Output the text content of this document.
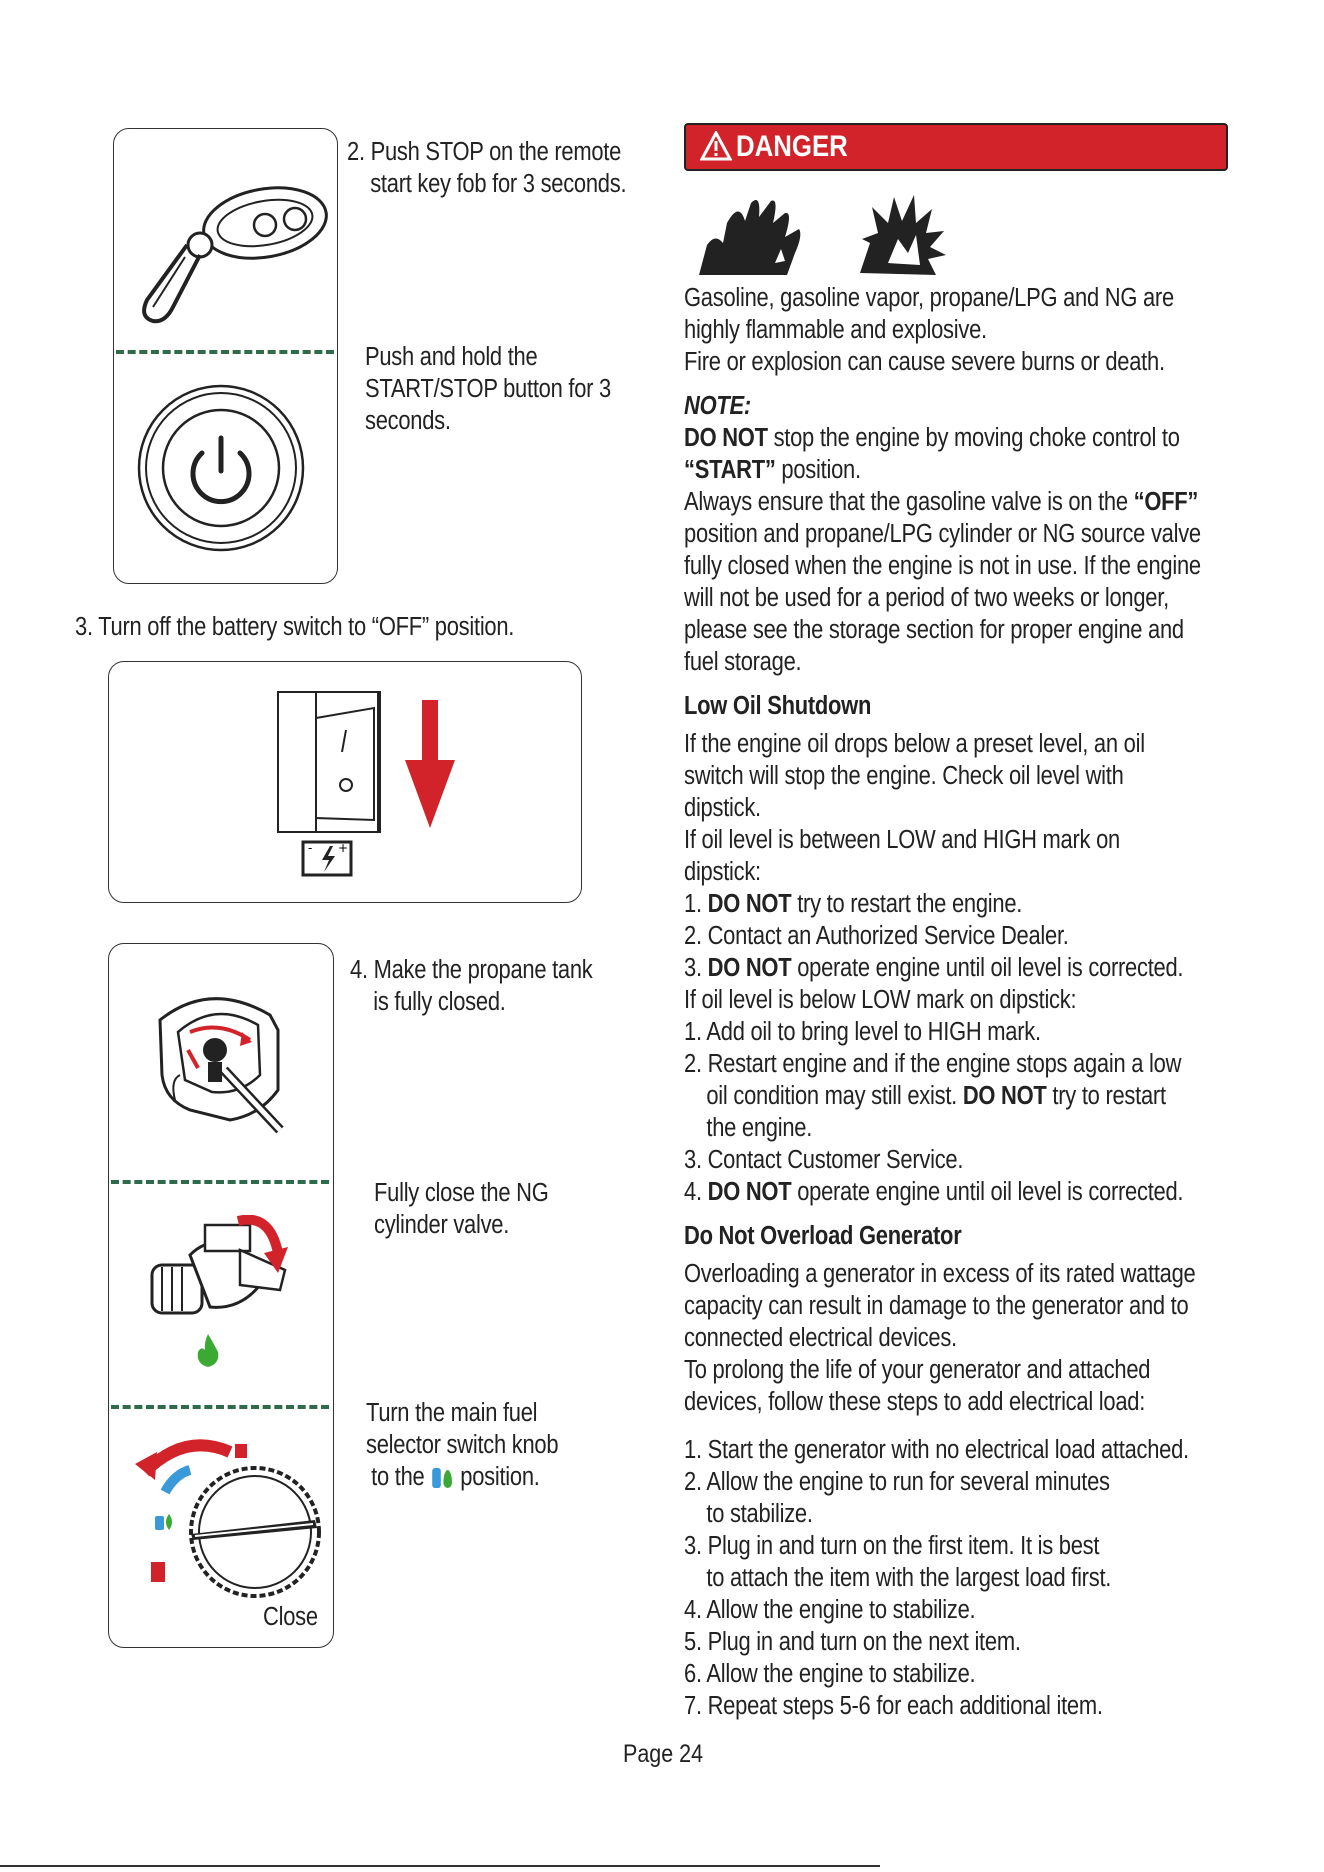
2. Push STOP on the remote
start key fob for 3 seconds.
Push and hold the
START/STOP button for 3
seconds.
3. Turn off the battery switch to “OFF” position.
- +
4. Make the propane tank
is fully closed.
Fully close the NG
cylinder valve.
Turn the main fuel
selector switch knob
to the position.
Close
DANGER

Gasoline, gasoline vapor, propane/LPG and NG are

highly flammable and explosive.

Fire or explosion can cause severe burns or death.

NOTE:

DO NOT stop the engine by moving choke control to

“START” position.

Always ensure that the gasoline valve is on the “OFF”

position and propane/LPG cylinder or NG source valve

fully closed when the engine is not in use. If the engine

will not be used for a period of two weeks or longer,

please see the storage section for proper engine and

fuel storage.

Low Oil Shutdown

If the engine oil drops below a preset level, an oil

switch will stop the engine. Check oil level with

dipstick.

If oil level is between LOW and HIGH mark on

dipstick:

1. DO NOT try to restart the engine.

2. Contact an Authorized Service Dealer.

3. DO NOT operate engine until oil level is corrected.

If oil level is below LOW mark on dipstick:

1. Add oil to bring level to HIGH mark.

2. Restart engine and if the engine stops again a low

oil condition may still exist. DO NOT try to restart

the engine.

3. Contact Customer Service.

4. DO NOT operate engine until oil level is corrected.

Do Not Overload Generator

Overloading a generator in excess of its rated wattage

capacity can result in damage to the generator and to

connected electrical devices.

To prolong the life of your generator and attached

devices, follow these steps to add electrical load:

1. Start the generator with no electrical load attached.

2. Allow the engine to run for several minutes to stabilize.

3. Plug in and turn on the first item. It is best to attach the item with the largest load first.

4. Allow the engine to stabilize.

5. Plug in and turn on the next item.

6. Allow the engine to stabilize.

7. Repeat steps 5-6 for each additional item.

Page 24
